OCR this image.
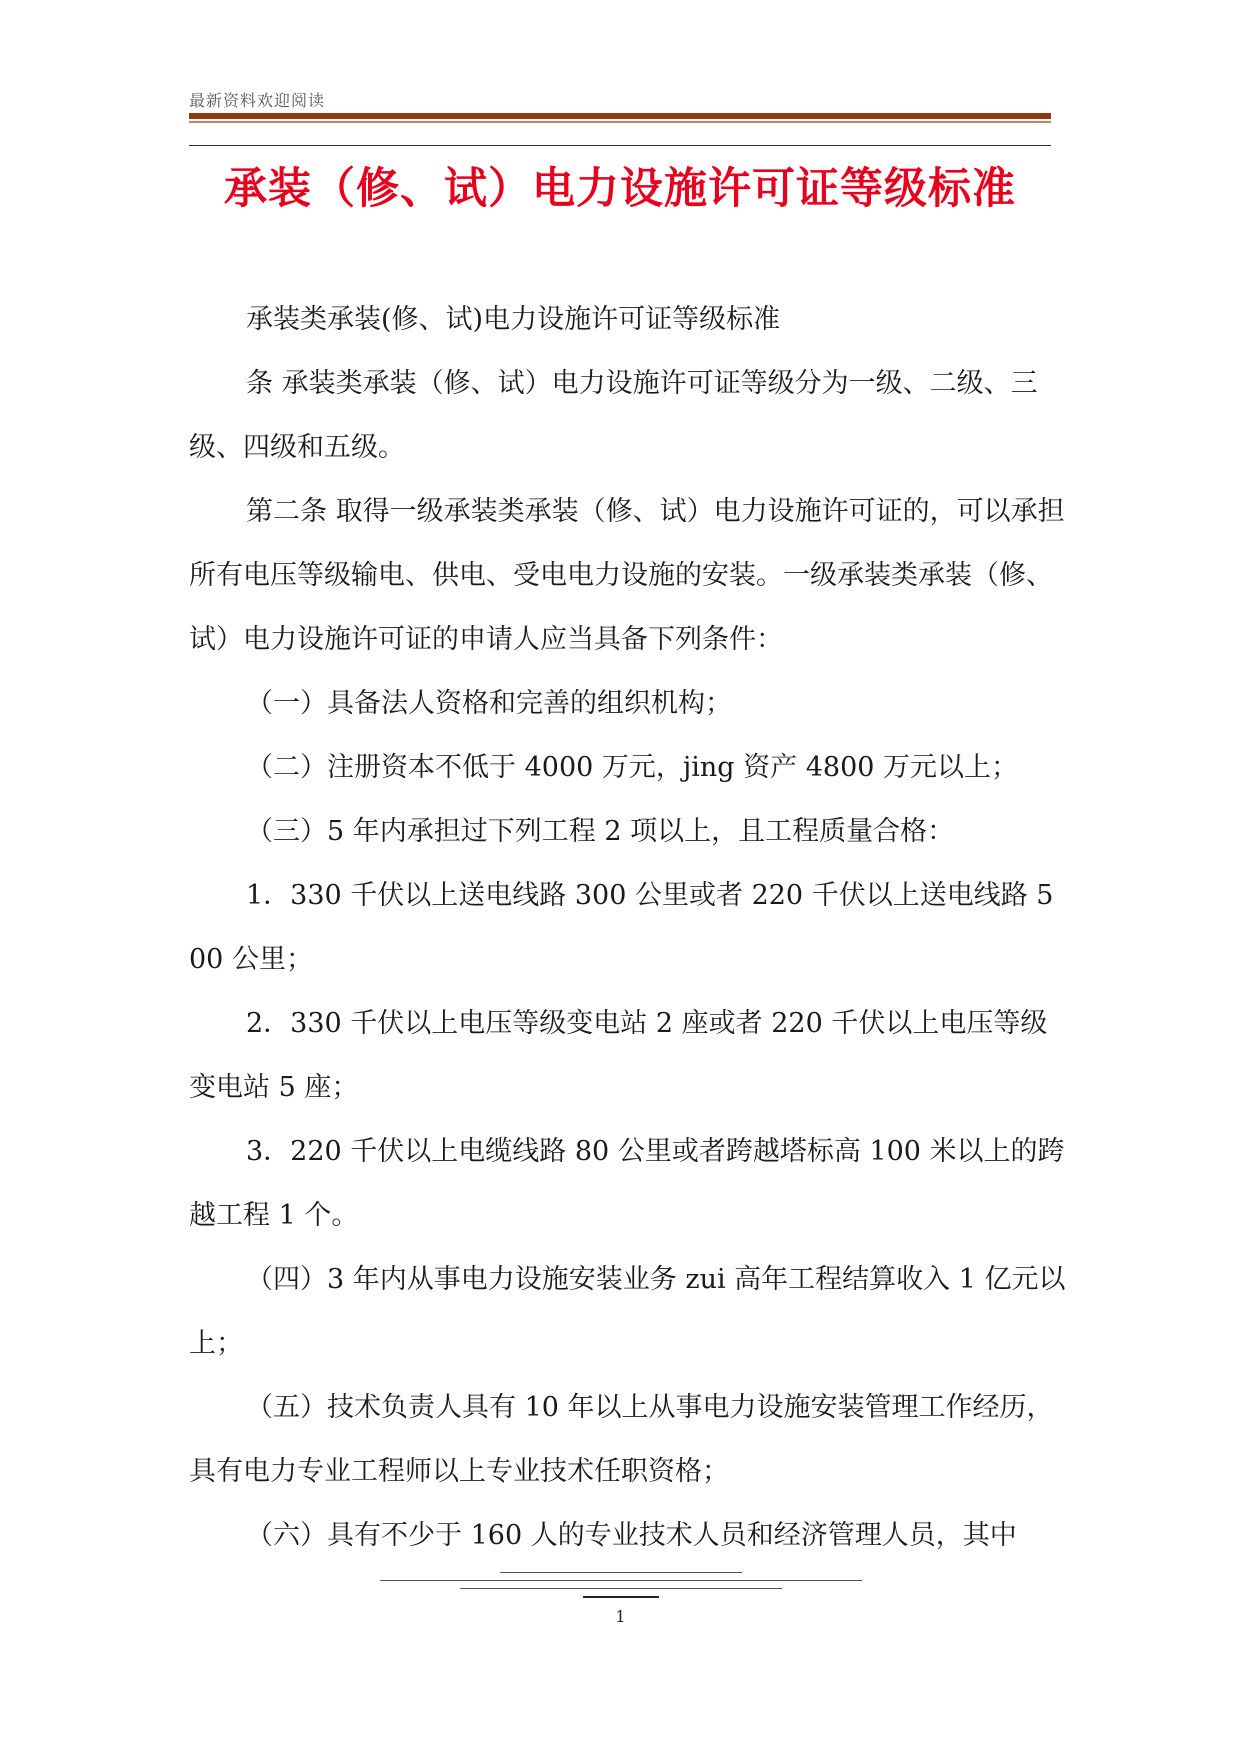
最新资料欢迎阅读
承装（修、试）电力设施许可证等级标准

承装类承装(修、试)电力设施许可证等级标准

条 承装类承装（修、试）电力设施许可证等级分为一级、二级、三级、四级和五级。

第二条 取得一级承装类承装（修、试）电力设施许可证的，可以承担所有电压等级输电、供电、受电电力设施的安装。一级承装类承装（修、试）电力设施许可证的申请人应当具备下列条件：

（一）具备法人资格和完善的组织机构；

（二）注册资本不低于 4000 万元，jing 资产 4800 万元以上；

（三）5 年内承担过下列工程 2 项以上，且工程质量合格：

1．330 千伏以上送电线路 300 公里或者 220 千伏以上送电线路 500 公里；

2．330 千伏以上电压等级变电站 2 座或者 220 千伏以上电压等级变电站 5 座；

3．220 千伏以上电缆线路 80 公里或者跨越塔标高 100 米以上的跨越工程 1 个。

（四）3 年内从事电力设施安装业务 zui 高年工程结算收入 1 亿元以上；

（五）技术负责人具有 10 年以上从事电力设施安装管理工作经历，具有电力专业工程师以上专业技术任职资格；

（六）具有不少于 160 人的专业技术人员和经济管理人员，其中

1
